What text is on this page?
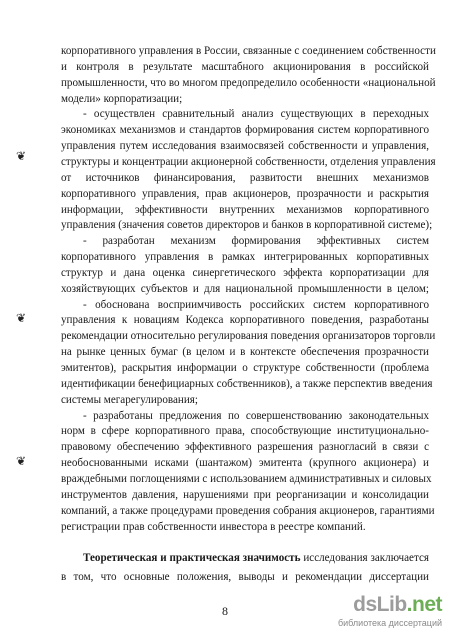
корпоративного управления в России, связанные с соединением собственности
и контроля в результате масштабного акционирования в российской
промышленности, что во многом предопределило особенности «национальной
модели» корпоратизации;
- осуществлен сравнительный анализ существующих в переходных
экономиках механизмов и стандартов формирования систем корпоративного
управления путем исследования взаимосвязей собственности и управления,
структуры и концентрации акционерной собственности, отделения управления
от источников финансирования, развитости внешних механизмов
корпоративного управления, прав акционеров, прозрачности и раскрытия
информации, эффективности внутренних механизмов корпоративного
управления (значения советов директоров и банков в корпоративной системе);
- разработан механизм формирования эффективных систем
корпоративного управления в рамках интегрированных корпоративных
структур и дана оценка синергетического эффекта корпоратизации для
хозяйствующих субъектов и для национальной промышленности в целом;
- обоснована восприимчивость российских систем корпоративного
управления к новациям Кодекса корпоративного поведения, разработаны
рекомендации относительно регулирования поведения организаторов торговли
на рынке ценных бумаг (в целом и в контексте обеспечения прозрачности
эмитентов), раскрытия информации о структуре собственности (проблема
идентификации бенефициарных собственников), а также перспектив введения
системы мегарегулирования;
- разработаны предложения по совершенствованию законодательных
норм в сфере корпоративного права, способствующие институционально-
правовому обеспечению эффективного разрешения разногласий в связи с
необоснованными исками (шантажом) эмитента (крупного акционера) и
враждебными поглощениями с использованием административных и силовых
инструментов давления, нарушениями при реорганизации и консолидации
компаний, а также процедурами проведения собрания акционеров, гарантиями
регистрации прав собственности инвестора в реестре компаний.
Теоретическая и практическая значимость исследования заключается
в том, что основные положения, выводы и рекомендации диссертации
❦
❦
❦
8	dsLib.net
библиотека диссертаций
